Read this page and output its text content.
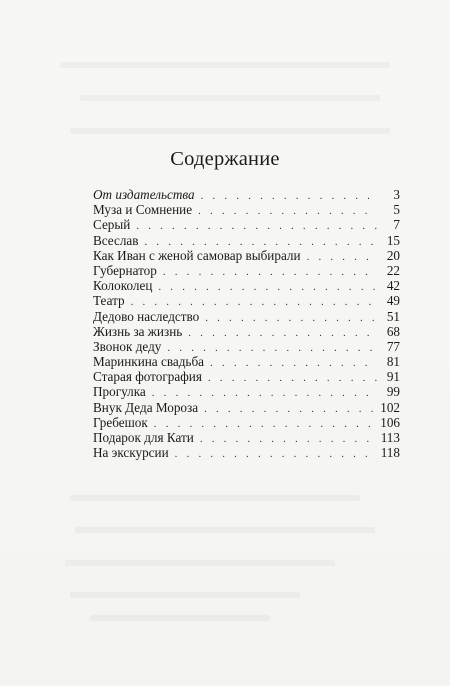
Содержание
От издательства . . .	3
Муза и Сомнение . . .	5
Серый . . .	7
Всеслав . . .	15
Как Иван с женой самовар выбирали . . .	20
Губернатор . . .	22
Колоколец . . .	42
Театр . . .	49
Дедово наследство . . .	51
Жизнь за жизнь . . .	68
Звонок деду . . .	77
Маринкина свадьба . . .	81
Старая фотография . . .	91
Прогулка . . .	99
Внук Деда Мороза . . .	102
Гребешок . . .	106
Подарок для Кати . . .	113
На экскурсии . . .	118
